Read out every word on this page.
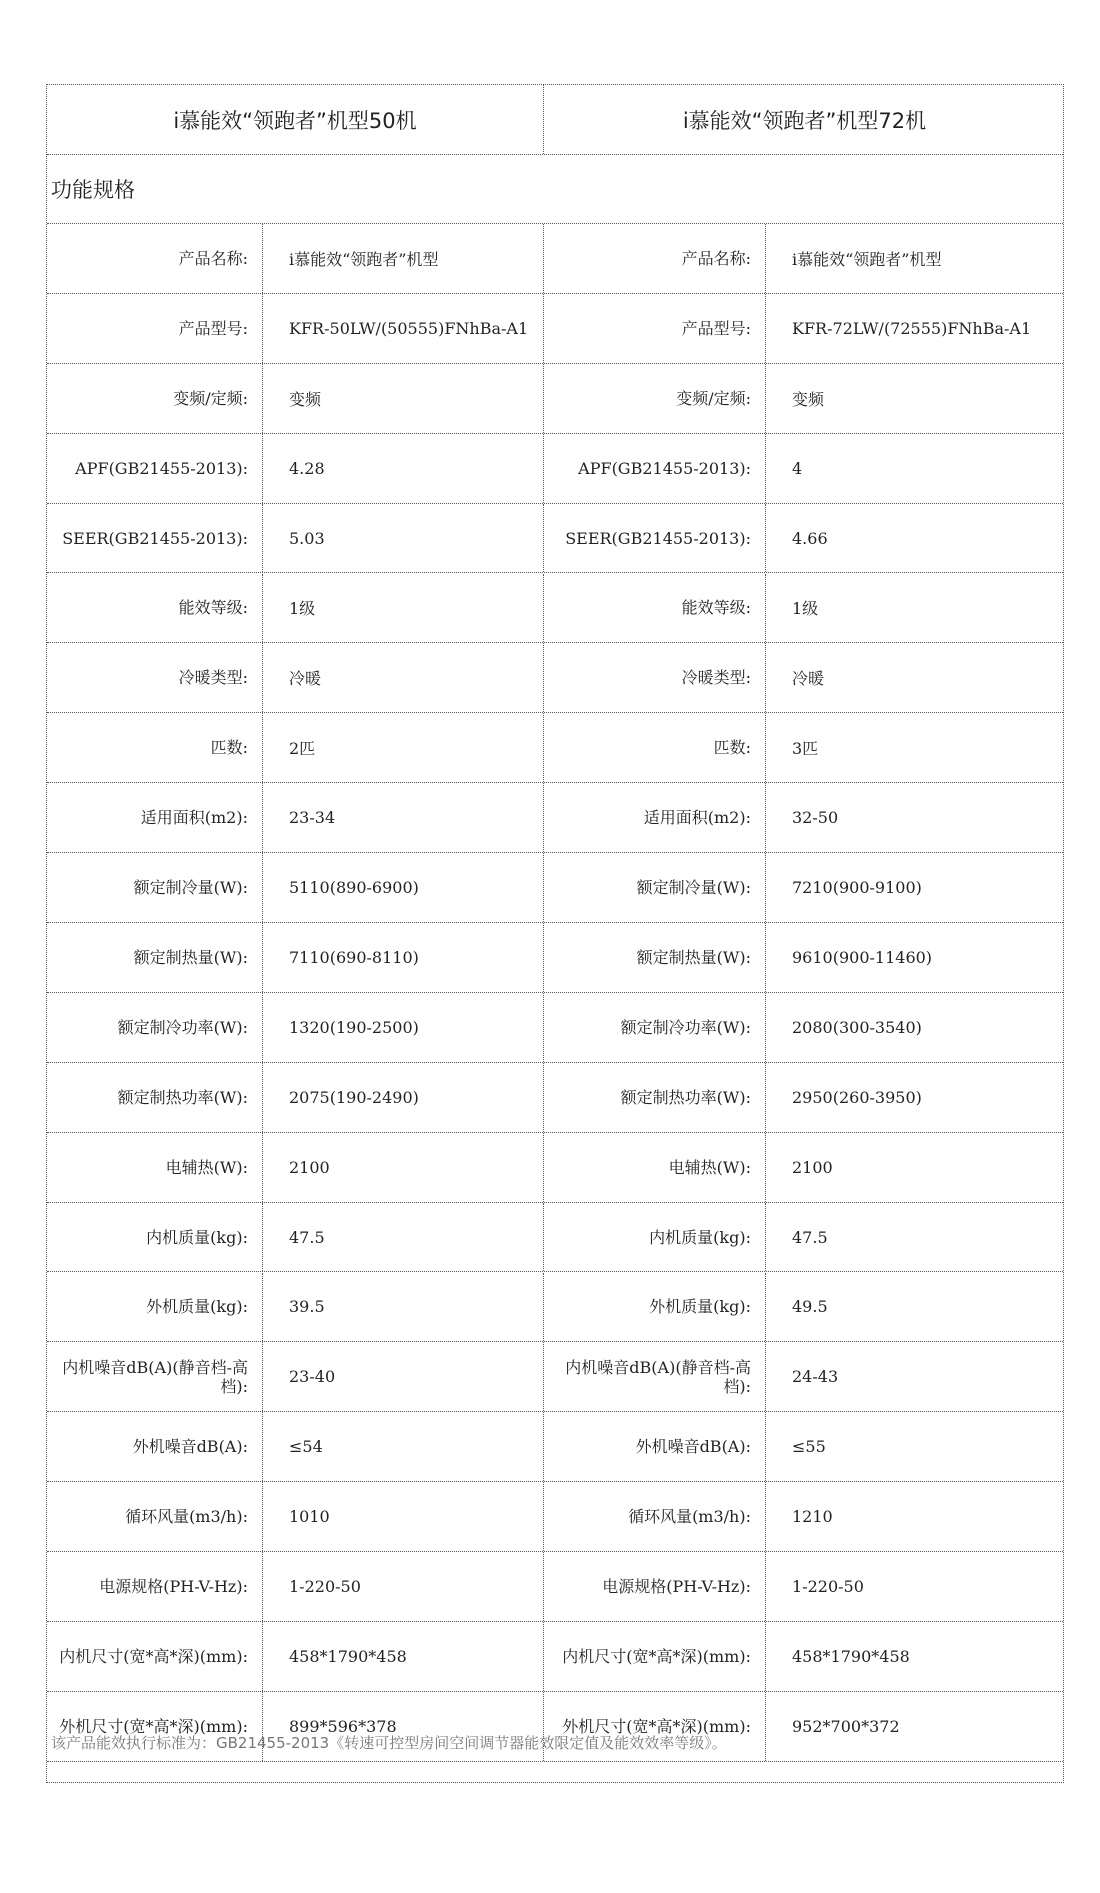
i慕能效“领跑者”机型50机	i慕能效“领跑者”机型72机
功能规格
产品名称:	i慕能效“领跑者”机型	产品名称:	i慕能效“领跑者”机型
产品型号:	KFR-50LW/(50555)FNhBa-A1	产品型号:	KFR-72LW/(72555)FNhBa-A1
变频/定频:	变频	变频/定频:	变频
APF(GB21455-2013):	4.28	APF(GB21455-2013):	4
SEER(GB21455-2013):	5.03	SEER(GB21455-2013):	4.66
能效等级:	1级	能效等级:	1级
冷暖类型:	冷暖	冷暖类型:	冷暖
匹数:	2匹	匹数:	3匹
适用面积(m2):	23-34	适用面积(m2):	32-50
额定制冷量(W):	5110(890-6900)	额定制冷量(W):	7210(900-9100)
额定制热量(W):	7110(690-8110)	额定制热量(W):	9610(900-11460)
额定制冷功率(W):	1320(190-2500)	额定制冷功率(W):	2080(300-3540)
额定制热功率(W):	2075(190-2490)	额定制热功率(W):	2950(260-3950)
电辅热(W):	2100	电辅热(W):	2100
内机质量(kg):	47.5	内机质量(kg):	47.5
外机质量(kg):	39.5	外机质量(kg):	49.5
内机噪音dB(A)(静音档-高档):	23-40	内机噪音dB(A)(静音档-高档):	24-43
外机噪音dB(A):	≤54	外机噪音dB(A):	≤55
循环风量(m3/h):	1010	循环风量(m3/h):	1210
电源规格(PH-V-Hz):	1-220-50	电源规格(PH-V-Hz):	1-220-50
内机尺寸(宽*高*深)(mm):	458*1790*458	内机尺寸(宽*高*深)(mm):	458*1790*458
外机尺寸(宽*高*深)(mm):	899*596*378	外机尺寸(宽*高*深)(mm):	952*700*372
该产品能效执行标准为：GB21455-2013《转速可控型房间空间调节器能效限定值及能效效率等级》。
